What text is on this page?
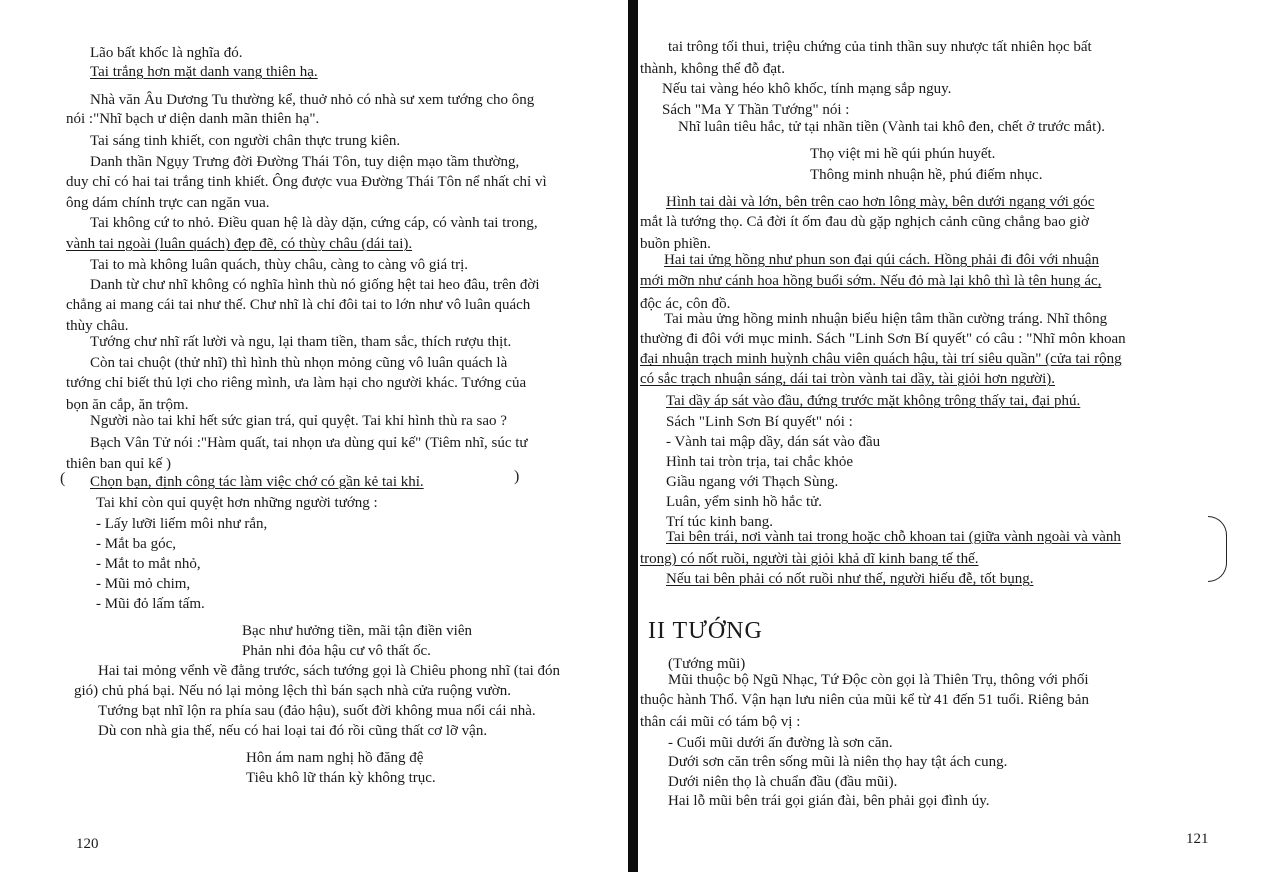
Lão bất khốc là nghĩa đó.
Tai trắng hơn mặt danh vang thiên hạ.
Nhà văn Âu Dương Tu thường kể, thuở nhỏ có nhà sư xem tướng cho ông
nói :"Nhĩ bạch ư diện danh mãn thiên hạ".
Tai sáng tinh khiết, con người chân thực trung kiên.
Danh thần Ngụy Trưng đời Đường Thái Tôn, tuy diện mạo tầm thường,
duy chỉ có hai tai trắng tinh khiết. Ông được vua Đường Thái Tôn nể nhất chỉ vì
ông dám chính trực can ngăn vua.
Tai không cứ to nhỏ. Điều quan hệ là dày dặn, cứng cáp, có vành tai trong,
vành tai ngoài (luân quách) đẹp đẽ, có thùy châu (dái tai).
Tai to mà không luân quách, thùy châu, càng to càng vô giá trị.
Danh từ chư nhĩ không có nghĩa hình thù nó giống hệt tai heo đâu, trên đời
chẳng ai mang cái tai như thế. Chư nhĩ là chỉ đôi tai to lớn như vô luân quách
thùy châu.
Tướng chư nhĩ rất lười và ngu, lại tham tiền, tham sắc, thích rượu thịt.
Còn tai chuột (thử nhĩ) thì hình thù nhọn mỏng cũng vô luân quách là
tướng chỉ biết thủ lợi cho riêng mình, ưa làm hại cho người khác. Tướng của
bọn ăn cắp, ăn trộm.
Người nào tai khỉ hết sức gian trá, quỉ quyệt. Tai khỉ hình thù ra sao ?
Bạch Vân Tử nói :"Hàm quất, tai nhọn ưa dùng quỉ kế" (Tiêm nhĩ, súc tư
thiên ban quỉ kế )
Chọn bạn, định công tác làm việc chớ có gần kẻ tai khỉ.
Tai khỉ còn quỉ quyệt hơn những người tướng :
- Lấy lưỡi liếm môi như rắn,
- Mắt ba góc,
- Mắt to mắt nhỏ,
- Mũi mỏ chim,
- Mũi đỏ lấm tấm.
Bạc như hưởng tiền, mãi tận điền viên
Phản nhi đỏa hậu cư vô thất ốc.
Hai tai mỏng vểnh về đằng trước, sách tướng gọi là Chiêu phong nhĩ (tai đón
gió) chủ phá bại. Nếu nó lại mỏng lệch thì bán sạch nhà cửa ruộng vườn.
Tướng bạt nhĩ lộn ra phía sau (đảo hậu), suốt đời không mua nổi cái nhà.
Dù con nhà gia thế, nếu có hai loại tai đó rồi cũng thất cơ lỡ vận.
Hôn ám nam nghị hồ đăng đệ
Tiêu khô lữ thán kỳ không trục.
120
)
(
tai trông tối thui, triệu chứng của tinh thần suy nhược tất nhiên học bất
thành, không thể đỗ đạt.
Nếu tai vàng héo khô khốc, tính mạng sắp nguy.
Sách "Ma Y Thần Tướng" nói :
Nhĩ luân tiêu hắc, tử tại nhãn tiền (Vành tai khô đen, chết ở trước mắt).
Thọ việt mi hề qúi phún huyết.
Thông minh nhuận hề, phú điếm nhục.
Hình tai dài và lớn, bên trên cao hơn lông mày, bên dưới ngang với góc
mắt là tướng thọ. Cả đời ít ốm đau dù gặp nghịch cảnh cũng chẳng bao giờ
buồn phiền.
Hai tai ửng hồng như phun son đại qúi cách. Hồng phải đi đôi với nhuận
mới mỡn như cánh hoa hồng buổi sớm. Nếu đỏ mà lại khô thì là tên hung ác,
độc ác, côn đồ.
Tai màu ửng hồng minh nhuận biểu hiện tâm thần cường tráng. Nhĩ thông
thường đi đôi với mục minh. Sách "Linh Sơn Bí quyết" có câu : "Nhĩ môn khoan
đại nhuận trạch minh huỳnh châu viên quách hậu, tài trí siêu quần" (cửa tai rộng
có sắc trạch nhuận sáng, dái tai tròn vành tai dầy, tài giỏi hơn người).
Tai dầy áp sát vào đầu, đứng trước mặt không trông thấy tai, đại phú.
Sách "Linh Sơn Bí quyết" nói :
- Vành tai mập dầy, dán sát vào đầu
Hình tai tròn trịa, tai chắc khỏe
Giầu ngang với Thạch Sùng.
Luân, yểm sinh hồ hắc tử.
Trí túc kinh bang.
Tai bên trái, nơi vành tai trong hoặc chỗ khoan tai (giữa vành ngoài và vành
trong) có nốt ruồi, người tài giỏi khả dĩ kinh bang tế thế.
Nếu tai bên phải có nốt ruồi như thế, người hiếu đễ, tốt bụng.
(Tướng mũi)
Mũi thuộc bộ Ngũ Nhạc, Tứ Độc còn gọi là Thiên Trụ, thông với phối
thuộc hành Thổ. Vận hạn lưu niên của mũi kể từ 41 đến 51 tuổi. Riêng bản
thân cái mũi có tám bộ vị :
- Cuối mũi dưới ấn đường là sơn căn.
Dưới sơn căn trên sống mũi là niên thọ hay tật ách cung.
Dưới niên thọ là chuẩn đầu (đầu mũi).
Hai lỗ mũi bên trái gọi gián đài, bên phải gọi đình úy.
II TƯỚNG
121
